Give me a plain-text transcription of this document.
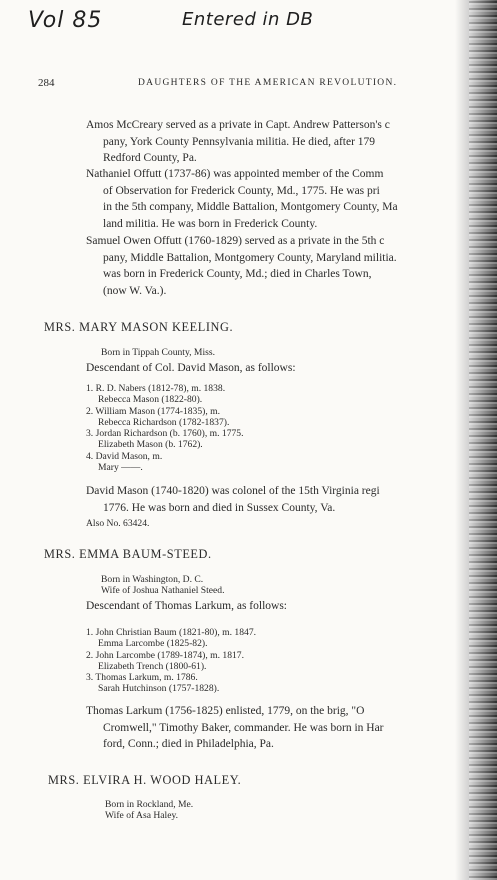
Vol 85	Entered in DB
284	DAUGHTERS OF THE AMERICAN REVOLUTION.
Amos McCreary served as a private in Capt. Andrew Patterson's c
pany, York County Pennsylvania militia. He died, after 179
Redford County, Pa.
Nathaniel Offutt (1737-86) was appointed member of the Comm
of Observation for Frederick County, Md., 1775. He was pri
in the 5th company, Middle Battalion, Montgomery County, Ma
land militia. He was born in Frederick County.
Samuel Owen Offutt (1760-1829) served as a private in the 5th c
pany, Middle Battalion, Montgomery County, Maryland militia.
was born in Frederick County, Md.; died in Charles Town,
(now W. Va.).
MRS. MARY MASON KEELING.
Born in Tippah County, Miss.
Descendant of Col. David Mason, as follows:
1. R. D. Nabers (1812-78), m. 1838.
Rebecca Mason (1822-80).
2. William Mason (1774-1835), m.
Rebecca Richardson (1782-1837).
3. Jordan Richardson (b. 1760), m. 1775.
Elizabeth Mason (b. 1762).
4. David Mason, m.
Mary ——.
David Mason (1740-1820) was colonel of the 15th Virginia regi
1776. He was born and died in Sussex County, Va.
Also No. 63424.
MRS. EMMA BAUM-STEED.
Born in Washington, D. C.
Wife of Joshua Nathaniel Steed.
Descendant of Thomas Larkum, as follows:
1. John Christian Baum (1821-80), m. 1847.
Emma Larcombe (1825-82).
2. John Larcombe (1789-1874), m. 1817.
Elizabeth Trench (1800-61).
3. Thomas Larkum, m. 1786.
Sarah Hutchinson (1757-1828).
Thomas Larkum (1756-1825) enlisted, 1779, on the brig, "O
Cromwell," Timothy Baker, commander. He was born in Har
ford, Conn.; died in Philadelphia, Pa.
MRS. ELVIRA H. WOOD HALEY.
Born in Rockland, Me.
Wife of Asa Haley.
